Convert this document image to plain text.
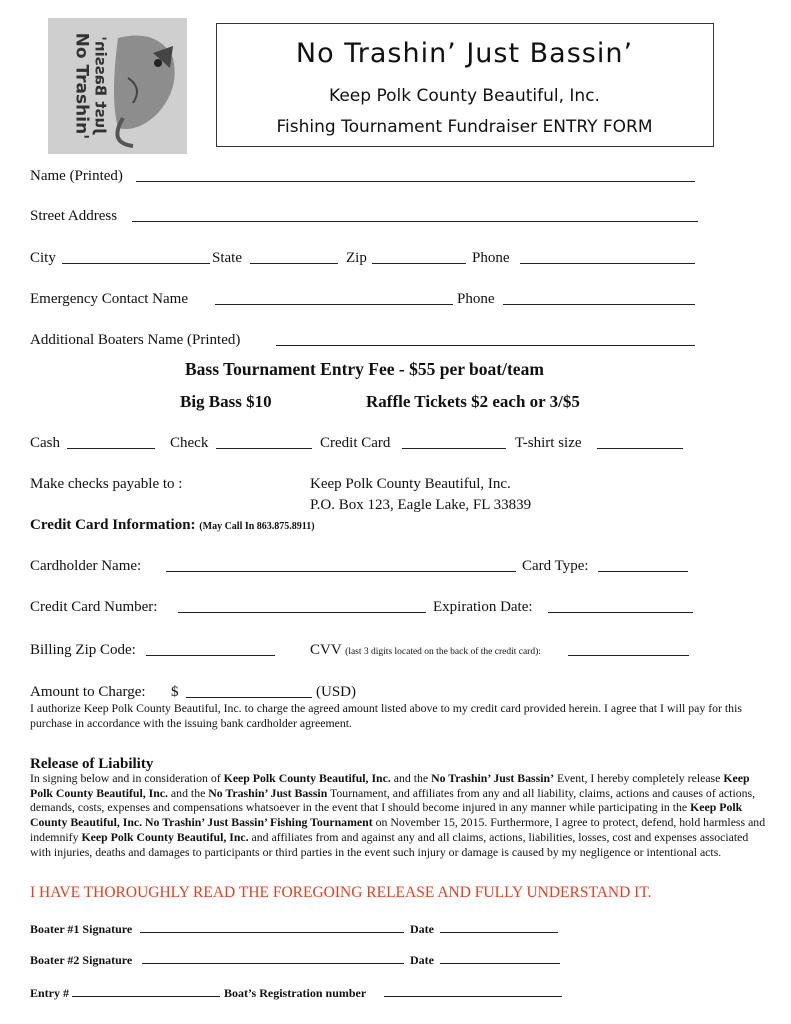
No Trashin' Just Bassin'	No Trashin’ Just Bassin’
Keep Polk County Beautiful, Inc.
Fishing Tournament Fundraiser ENTRY FORM
Name (Printed)
Street Address
City	State	Zip	Phone
Emergency Contact Name	Phone
Additional Boaters Name (Printed)
Bass Tournament Entry Fee - $55 per boat/team
Big Bass $10	Raffle Tickets $2 each or 3/$5
Cash	Check	Credit Card	T-shirt size
Make checks payable to :	Keep Polk County Beautiful, Inc.
P.O. Box 123, Eagle Lake, FL 33839
Credit Card Information: (May Call In 863.875.8911)
Cardholder Name:	Card Type:
Credit Card Number:	Expiration Date:
Billing Zip Code:	CVV (last 3 digits located on the back of the credit card):
Amount to Charge: $	(USD)
I authorize Keep Polk County Beautiful, Inc. to charge the agreed amount listed above to my credit card provided herein. I agree that I will pay for this purchase in accordance with the issuing bank cardholder agreement.
Release of Liability
In signing below and in consideration of Keep Polk County Beautiful, Inc. and the No Trashin’ Just Bassin’ Event, I hereby completely release Keep Polk County Beautiful, Inc. and the No Trashin’ Just Bassin Tournament, and affiliates from any and all liability, claims, actions and causes of actions, demands, costs, expenses and compensations whatsoever in the event that I should become injured in any manner while participating in the Keep Polk County Beautiful, Inc. No Trashin’ Just Bassin’ Fishing Tournament on November 15, 2015. Furthermore, I agree to protect, defend, hold harmless and indemnify Keep Polk County Beautiful, Inc. and affiliates from and against any and all claims, actions, liabilities, losses, cost and expenses associated with injuries, deaths and damages to participants or third parties in the event such injury or damage is caused by my negligence or intentional acts.
I HAVE THOROUGHLY READ THE FOREGOING RELEASE AND FULLY UNDERSTAND IT.
Boater #1 Signature	Date
Boater #2 Signature	Date
Entry #	Boat’s Registration number
